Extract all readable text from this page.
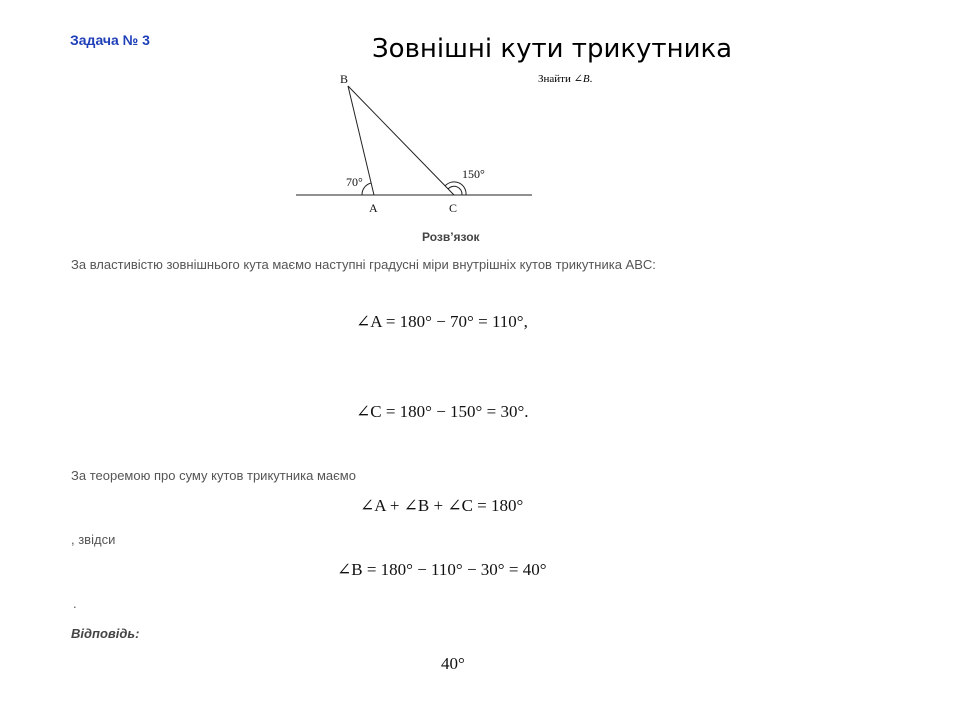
Задача № 3	Зовнішні кути трикутника
Знайти ∠B.
B
A	C
70°
150°
Розв’язок
За властивістю зовнішнього кута маємо наступні градусні міри внутрішніх кутов трикутника ABC:
∠A = 180° − 70° = 110°,
∠C = 180° − 150° = 30°.
За теоремою про суму кутов трикутника маємо
∠A + ∠B + ∠C = 180°
, звідси
∠B = 180° − 110° − 30° = 40°
.
Відповідь:
40°
